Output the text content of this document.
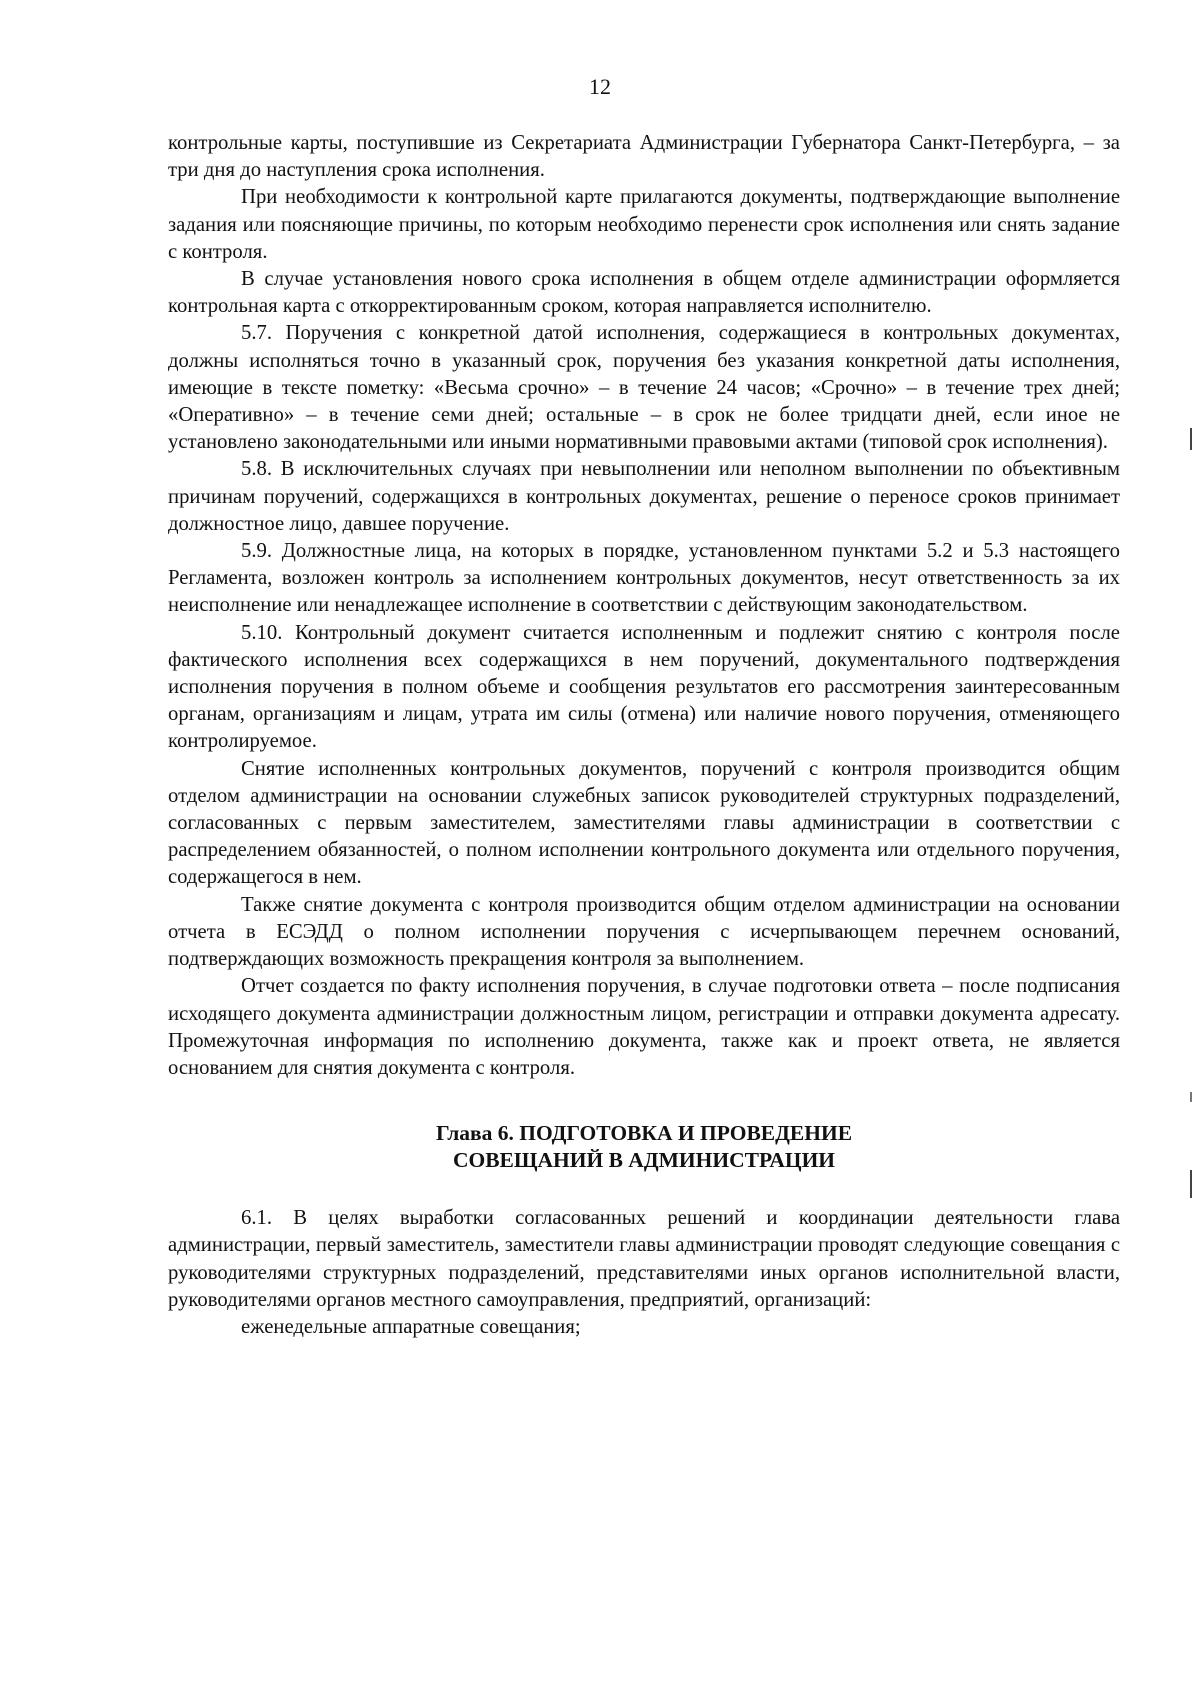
12

контрольные карты, поступившие из Секретариата Администрации Губернатора Санкт-Петербурга, – за три дня до наступления срока исполнения.

При необходимости к контрольной карте прилагаются документы, подтверждающие выполнение задания или поясняющие причины, по которым необходимо перенести срок исполнения или снять задание с контроля.

В случае установления нового срока исполнения в общем отделе администрации оформляется контрольная карта с откорректированным сроком, которая направляется исполнителю.

5.7. Поручения с конкретной датой исполнения, содержащиеся в контрольных документах, должны исполняться точно в указанный срок, поручения без указания конкретной даты исполнения, имеющие в тексте пометку: «Весьма срочно» – в течение 24 часов; «Срочно» – в течение трех дней; «Оперативно» – в течение семи дней; остальные – в срок не более тридцати дней, если иное не установлено законодательными или иными нормативными правовыми актами (типовой срок исполнения).

5.8. В исключительных случаях при невыполнении или неполном выполнении по объективным причинам поручений, содержащихся в контрольных документах, решение о переносе сроков принимает должностное лицо, давшее поручение.

5.9. Должностные лица, на которых в порядке, установленном пунктами 5.2 и 5.3 настоящего Регламента, возложен контроль за исполнением контрольных документов, несут ответственность за их неисполнение или ненадлежащее исполнение в соответствии с действующим законодательством.

5.10. Контрольный документ считается исполненным и подлежит снятию с контроля после фактического исполнения всех содержащихся в нем поручений, документального подтверждения исполнения поручения в полном объеме и сообщения результатов его рассмотрения заинтересованным органам, организациям и лицам, утрата им силы (отмена) или наличие нового поручения, отменяющего контролируемое.

Снятие исполненных контрольных документов, поручений с контроля производится общим отделом администрации на основании служебных записок руководителей структурных подразделений, согласованных с первым заместителем, заместителями главы администрации в соответствии с распределением обязанностей, о полном исполнении контрольного документа или отдельного поручения, содержащегося в нем.

Также снятие документа с контроля производится общим отделом администрации на основании отчета в ЕСЭДД о полном исполнении поручения с исчерпывающем перечнем оснований, подтверждающих возможность прекращения контроля за выполнением.

Отчет создается по факту исполнения поручения, в случае подготовки ответа – после подписания исходящего документа администрации должностным лицом, регистрации и отправки документа адресату. Промежуточная информация по исполнению документа, также как и проект ответа, не является основанием для снятия документа с контроля.

Глава 6. ПОДГОТОВКА И ПРОВЕДЕНИЕ
СОВЕЩАНИЙ В АДМИНИСТРАЦИИ

6.1. В целях выработки согласованных решений и координации деятельности глава администрации, первый заместитель, заместители главы администрации проводят следующие совещания с руководителями структурных подразделений, представителями иных органов исполнительной власти, руководителями органов местного самоуправления, предприятий, организаций:

еженедельные аппаратные совещания;
